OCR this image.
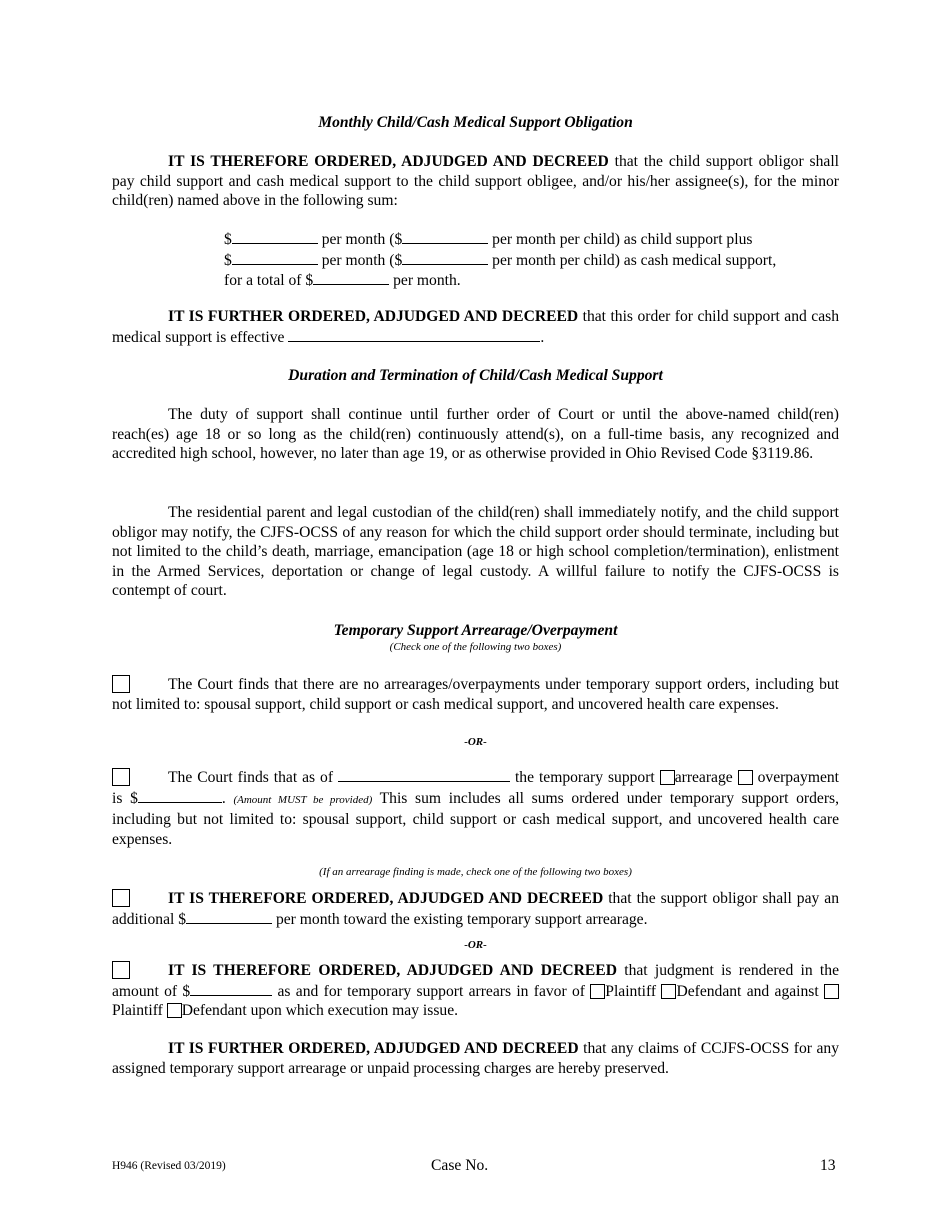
Monthly Child/Cash Medical Support Obligation
IT IS THEREFORE ORDERED, ADJUDGED AND DECREED that the child support obligor shall pay child support and cash medical support to the child support obligee, and/or his/her assignee(s), for the minor child(ren) named above in the following sum:
$	per month ($	per month per child) as child support plus
$	per month ($	per month per child) as cash medical support,
for a total of $	per month.
IT IS FURTHER ORDERED, ADJUDGED AND DECREED that this order for child support and cash medical support is effective	.
Duration and Termination of Child/Cash Medical Support
The duty of support shall continue until further order of Court or until the above-named child(ren) reach(es) age 18 or so long as the child(ren) continuously attend(s), on a full-time basis, any recognized and accredited high school, however, no later than age 19, or as otherwise provided in Ohio Revised Code §3119.86.
The residential parent and legal custodian of the child(ren) shall immediately notify, and the child support obligor may notify, the CJFS-OCSS of any reason for which the child support order should terminate, including but not limited to the child’s death, marriage, emancipation (age 18 or high school completion/termination), enlistment in the Armed Services, deportation or change of legal custody. A willful failure to notify the CJFS-OCSS is contempt of court.
Temporary Support Arrearage/Overpayment
(Check one of the following two boxes)
The Court finds that there are no arrearages/overpayments under temporary support orders, including but not limited to: spousal support, child support or cash medical support, and uncovered health care expenses.
-OR-
The Court finds that as of	the temporary support arrearage  overpayment is $	. (Amount MUST be provided) This sum includes all sums ordered under temporary support orders, including but not limited to: spousal support, child support or cash medical support, and uncovered health care expenses.
(If an arrearage finding is made, check one of the following two boxes)
IT IS THEREFORE ORDERED, ADJUDGED AND DECREED that the support obligor shall pay an additional $	per month toward the existing temporary support arrearage.
-OR-
IT IS THEREFORE ORDERED, ADJUDGED AND DECREED that judgment is rendered in the amount of $	as and for temporary support arrears in favor of Plaintiff Defendant and against Plaintiff Defendant upon which execution may issue.
IT IS FURTHER ORDERED, ADJUDGED AND DECREED that any claims of CCJFS-OCSS for any assigned temporary support arrearage or unpaid processing charges are hereby preserved.
H946 (Revised 03/2019)	Case No.	13
